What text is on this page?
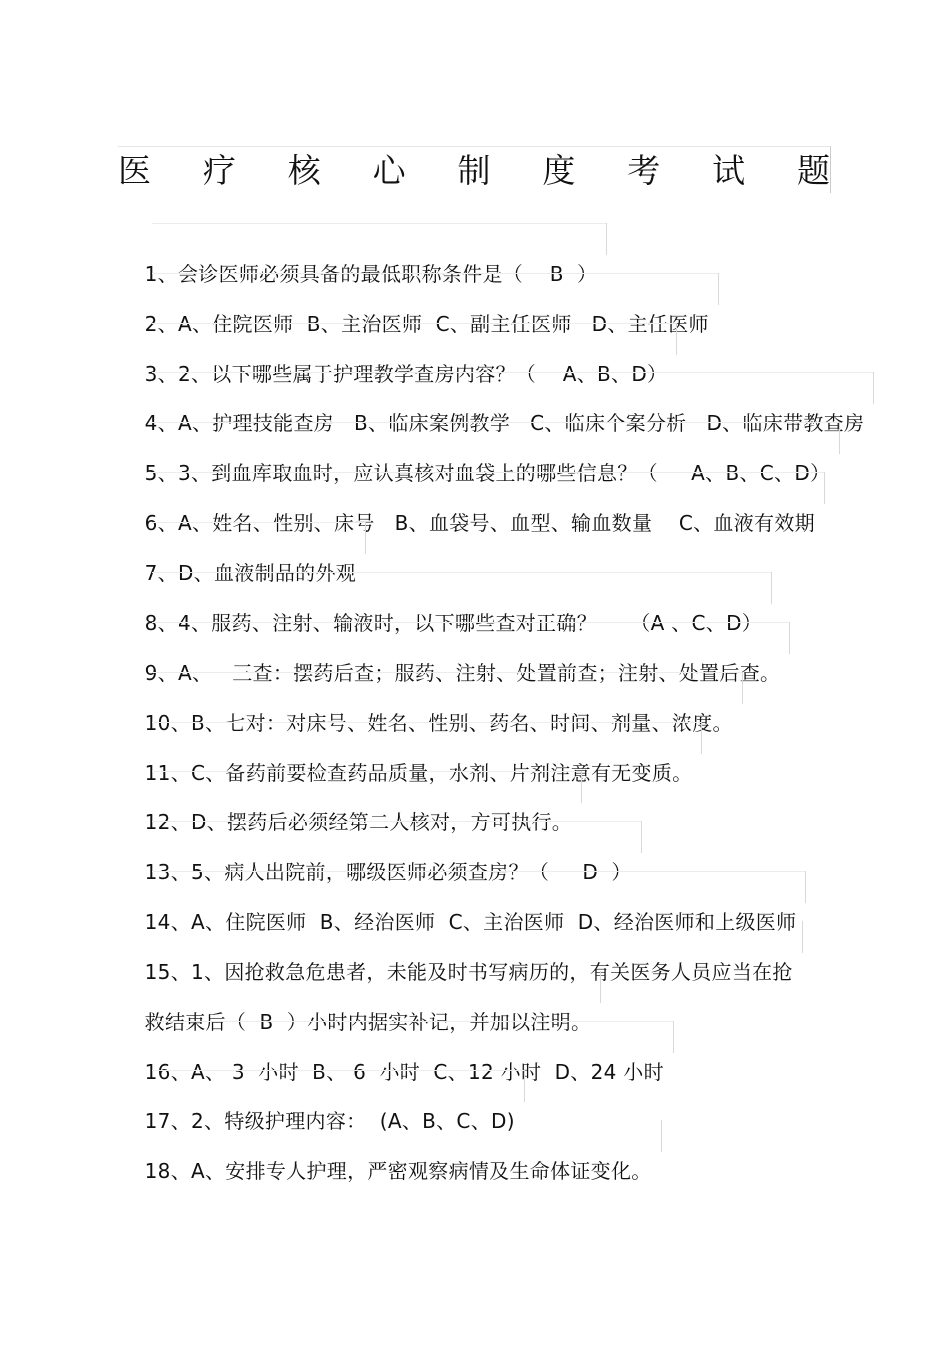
医 疗 核 心 制 度 考 试 题

1、会诊医师必须具备的最低职称条件是（    B  ）

2、A、住院医师  B、主治医师  C、副主任医师   D、主任医师

3、2、以下哪些属于护理教学查房内容？（    A、B、D）

4、A、护理技能查房   B、临床案例教学   C、临床个案分析   D、临床带教查房

5、3、到血库取血时，应认真核对血袋上的哪些信息？（     A、B、C、D）

6、A、姓名、性别、床号   B、血袋号、血型、输血数量    C、血液有效期

7、D、血液制品的外观

8、4、服药、注射、输液时，以下哪些查对正确？     （A 、C、D）

9、A、   三查：摆药后查；服药、注射、处置前查；注射、处置后查。

10、B、七对：对床号、姓名、性别、药名、时间、剂量、浓度。

11、C、备药前要检查药品质量，水剂、片剂注意有无变质。

12、D、摆药后必须经第二人核对，方可执行。

13、5、病人出院前，哪级医师必须查房？（     D  ）

14、A、住院医师  B、经治医师  C、主治医师  D、经治医师和上级医师

15、1、因抢救急危患者，未能及时书写病历的，有关医务人员应当在抢

救结束后（  B  ）小时内据实补记，并加以注明。

16、A、 3  小时  B、 6  小时  C、12 小时  D、24 小时

17、2、特级护理内容：  (A、B、C、D)

18、A、安排专人护理，严密观察病情及生命体证变化。
